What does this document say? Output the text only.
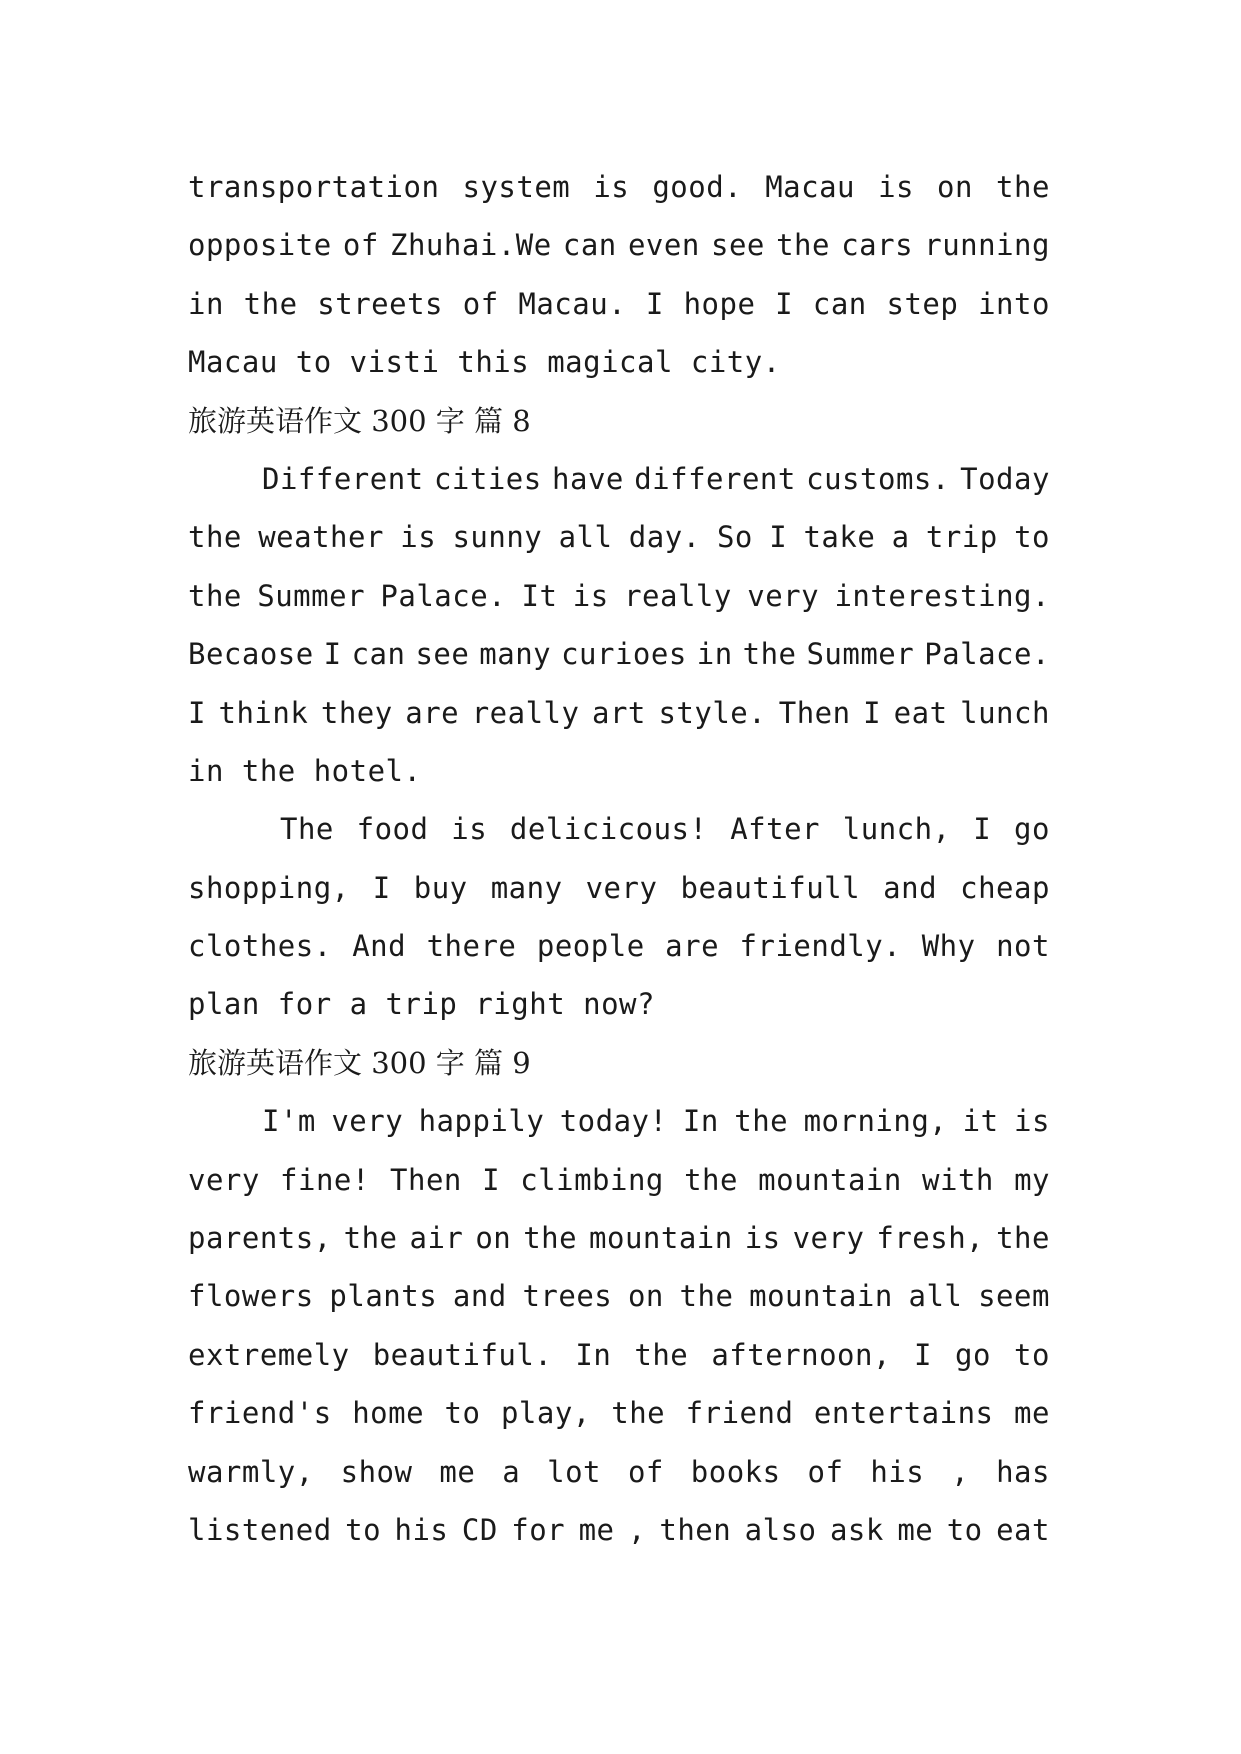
transportation system is good. Macau is on the
opposite of Zhuhai.We can even see the cars running
in the streets of Macau. I hope I can step into
Macau to visti this magical city.
旅游英语作文 300 字 篇 8
Different cities have different customs. Today
the weather is sunny all day. So I take a trip to
the Summer Palace. It is really very interesting.
Becaose I can see many curioes in the Summer Palace.
I think they are really art style. Then I eat lunch
in the hotel.
The food is delicicous! After lunch, I go
shopping, I buy many very beautifull and cheap
clothes. And there people are friendly. Why not
plan for a trip right now?
旅游英语作文 300 字 篇 9
I'm very happily today! In the morning, it is
very fine! Then I climbing the mountain with my
parents, the air on the mountain is very fresh, the
flowers plants and trees on the mountain all seem
extremely beautiful. In the afternoon, I go to
friend's home to play, the friend entertains me
warmly, show me a lot of books of his , has
listened to his CD for me , then also ask me to eat
